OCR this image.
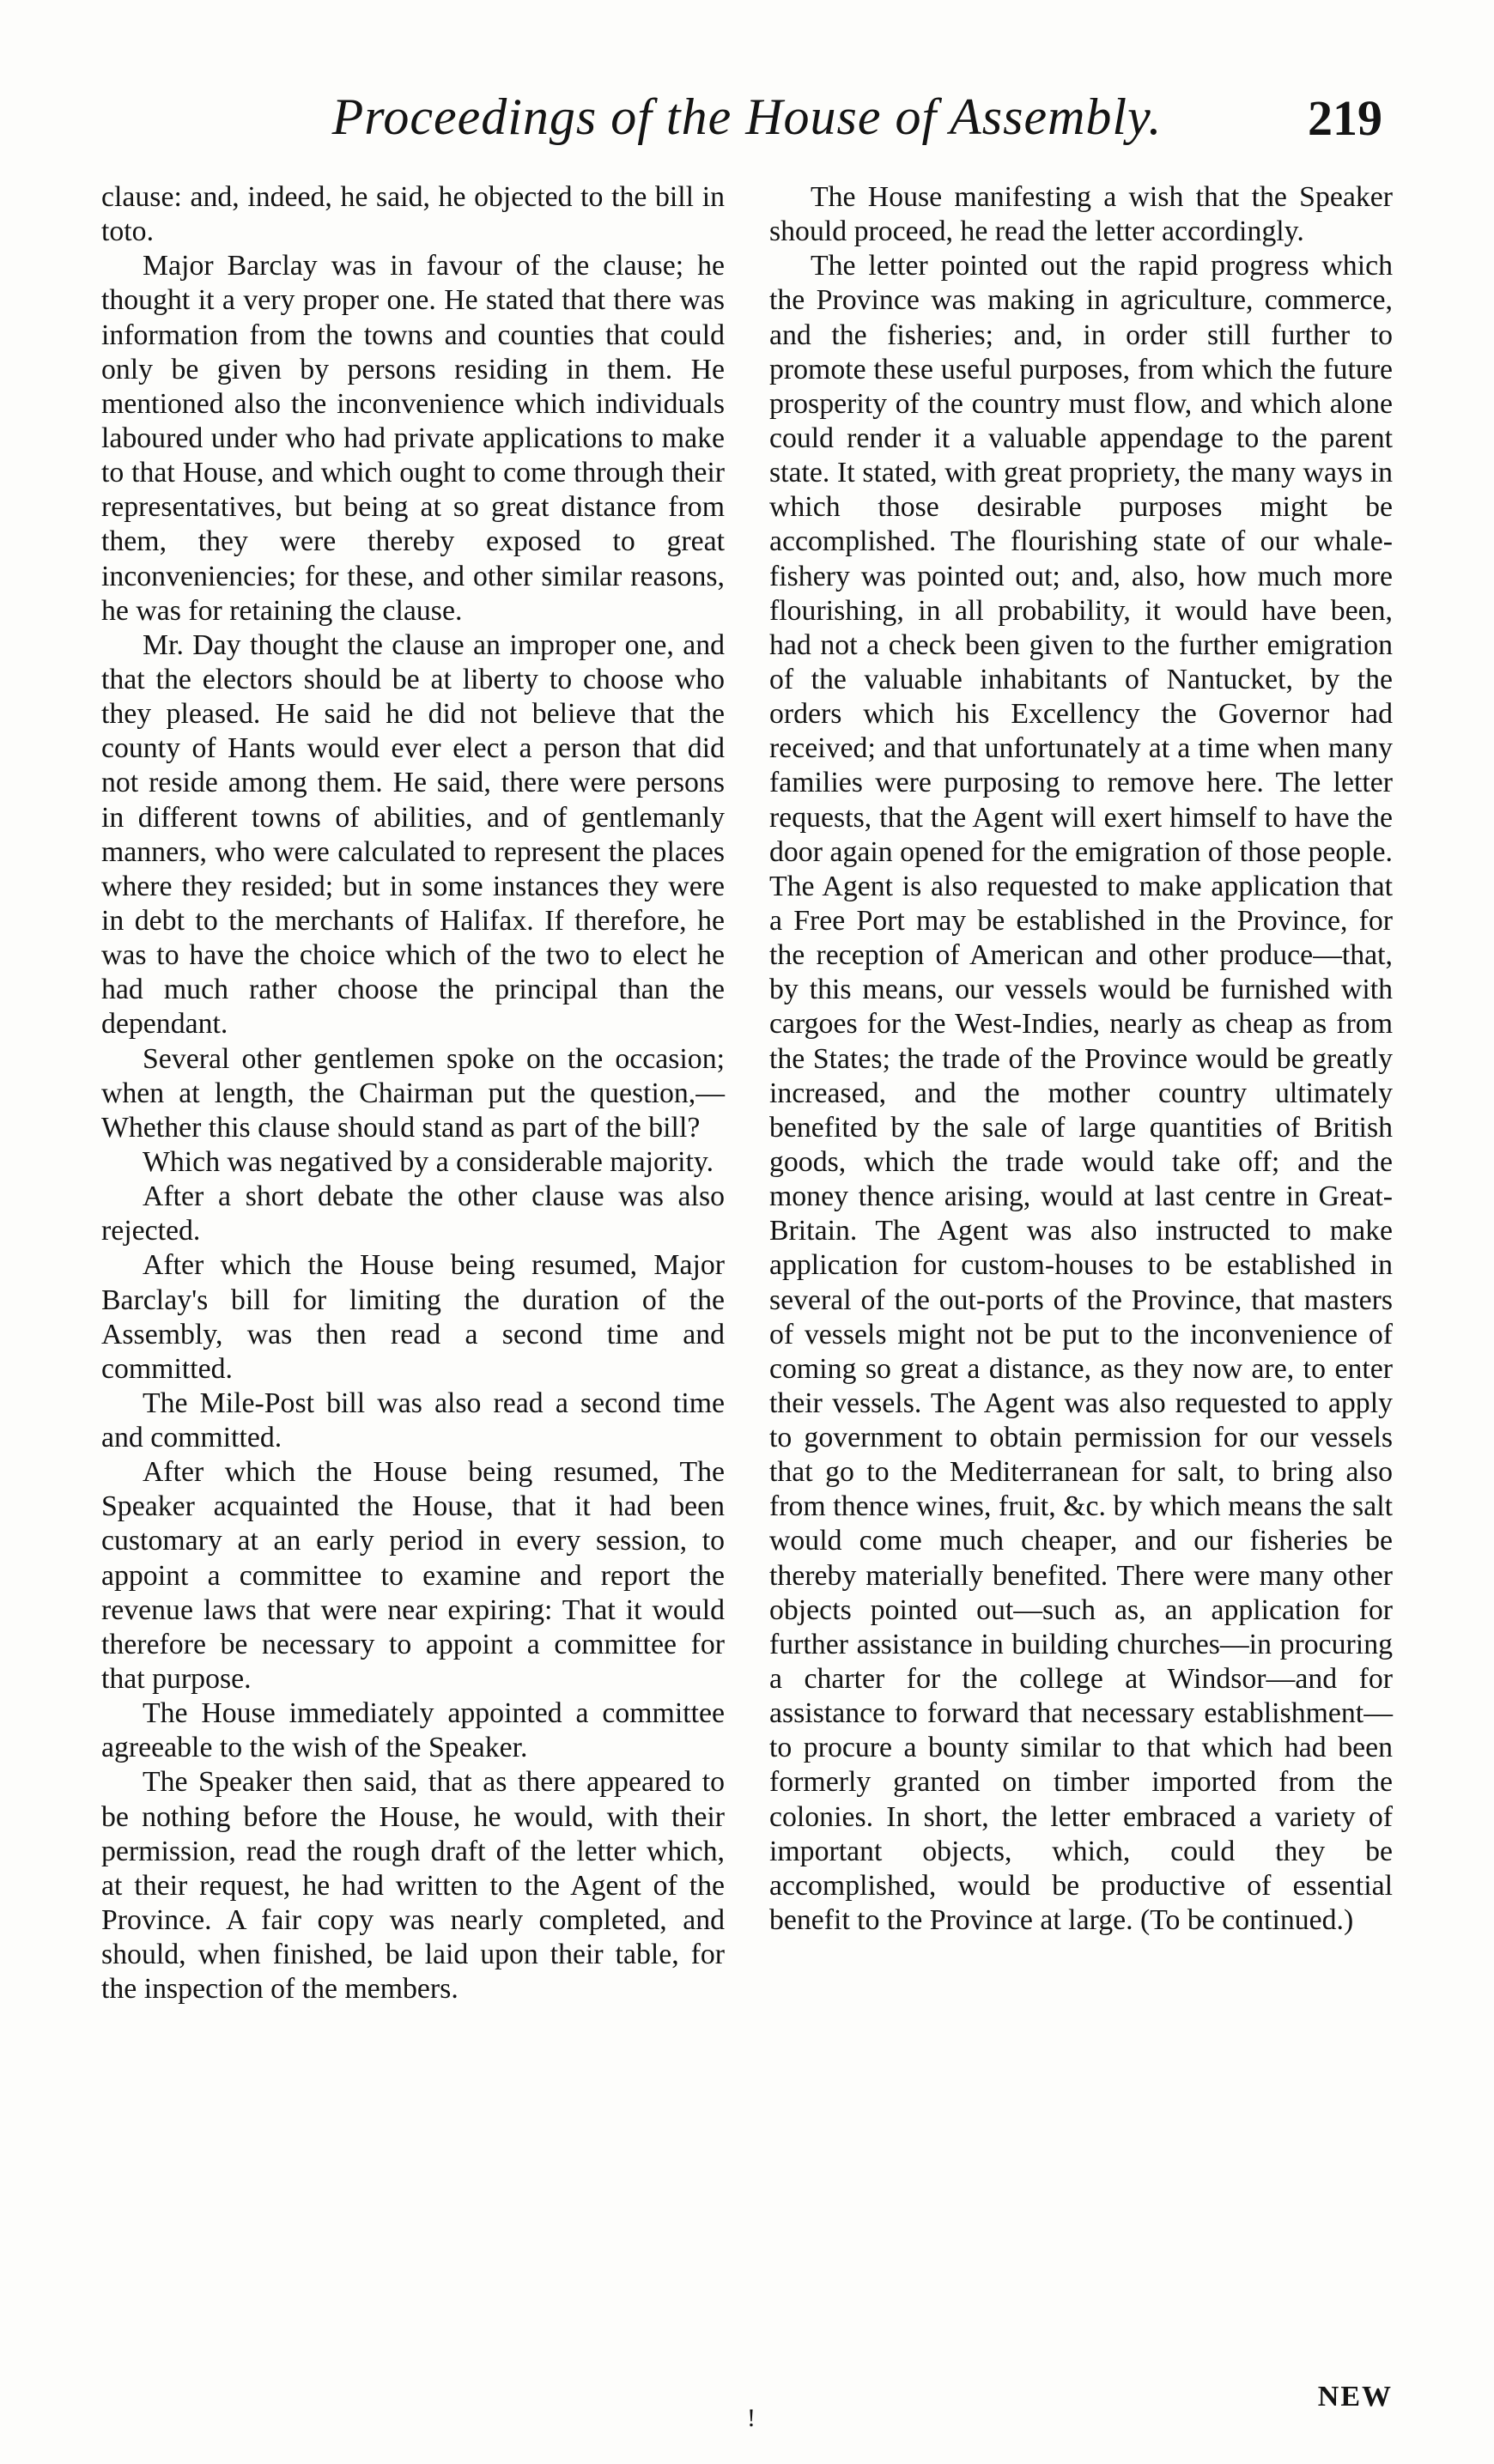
Proceedings of the House of Assembly.	219

clause: and, indeed, he said, he objected to the bill in toto.

Major Barclay was in favour of the clause; he thought it a very proper one. He stated that there was information from the towns and counties that could only be given by persons residing in them. He mentioned also the inconvenience which individuals laboured under who had private applications to make to that House, and which ought to come through their representatives, but being at so great distance from them, they were thereby exposed to great inconveniencies; for these, and other similar reasons, he was for retaining the clause.

Mr. Day thought the clause an improper one, and that the electors should be at liberty to choose who they pleased. He said he did not believe that the county of Hants would ever elect a person that did not reside among them. He said, there were persons in different towns of abilities, and of gentlemanly manners, who were calculated to represent the places where they resided; but in some instances they were in debt to the merchants of Halifax. If therefore, he was to have the choice which of the two to elect he had much rather choose the principal than the dependant.

Several other gentlemen spoke on the occasion; when at length, the Chairman put the question,—Whether this clause should stand as part of the bill?

Which was negatived by a considerable majority.

After a short debate the other clause was also rejected.

After which the House being resumed, Major Barclay's bill for limiting the duration of the Assembly, was then read a second time and committed.

The Mile-Post bill was also read a second time and committed.

After which the House being resumed, The Speaker acquainted the House, that it had been customary at an early period in every session, to appoint a committee to examine and report the revenue laws that were near expiring: That it would therefore be necessary to appoint a committee for that purpose.

The House immediately appointed a committee agreeable to the wish of the Speaker.

The Speaker then said, that as there appeared to be nothing before the House, he would, with their permission, read the rough draft of the letter which, at their request, he had written to the Agent of the Province. A fair copy was nearly completed, and should, when finished, be laid upon their table, for the inspection of the members.

The House manifesting a wish that the Speaker should proceed, he read the letter accordingly.

The letter pointed out the rapid progress which the Province was making in agriculture, commerce, and the fisheries; and, in order still further to promote these useful purposes, from which the future prosperity of the country must flow, and which alone could render it a valuable appendage to the parent state. It stated, with great propriety, the many ways in which those desirable purposes might be accomplished. The flourishing state of our whale-fishery was pointed out; and, also, how much more flourishing, in all probability, it would have been, had not a check been given to the further emigration of the valuable inhabitants of Nantucket, by the orders which his Excellency the Governor had received; and that unfortunately at a time when many families were purposing to remove here. The letter requests, that the Agent will exert himself to have the door again opened for the emigration of those people. The Agent is also requested to make application that a Free Port may be established in the Province, for the reception of American and other produce—that, by this means, our vessels would be furnished with cargoes for the West-Indies, nearly as cheap as from the States; the trade of the Province would be greatly increased, and the mother country ultimately benefited by the sale of large quantities of British goods, which the trade would take off; and the money thence arising, would at last centre in Great-Britain. The Agent was also instructed to make application for custom-houses to be established in several of the out-ports of the Province, that masters of vessels might not be put to the inconvenience of coming so great a distance, as they now are, to enter their vessels. The Agent was also requested to apply to government to obtain permission for our vessels that go to the Mediterranean for salt, to bring also from thence wines, fruit, &c. by which means the salt would come much cheaper, and our fisheries be thereby materially benefited. There were many other objects pointed out—such as, an application for further assistance in building churches—in procuring a charter for the college at Windsor—and for assistance to forward that necessary establishment—to procure a bounty similar to that which had been formerly granted on timber imported from the colonies. In short, the letter embraced a variety of important objects, which, could they be accomplished, would be productive of essential benefit to the Province at large. (To be continued.)

NEW
!
